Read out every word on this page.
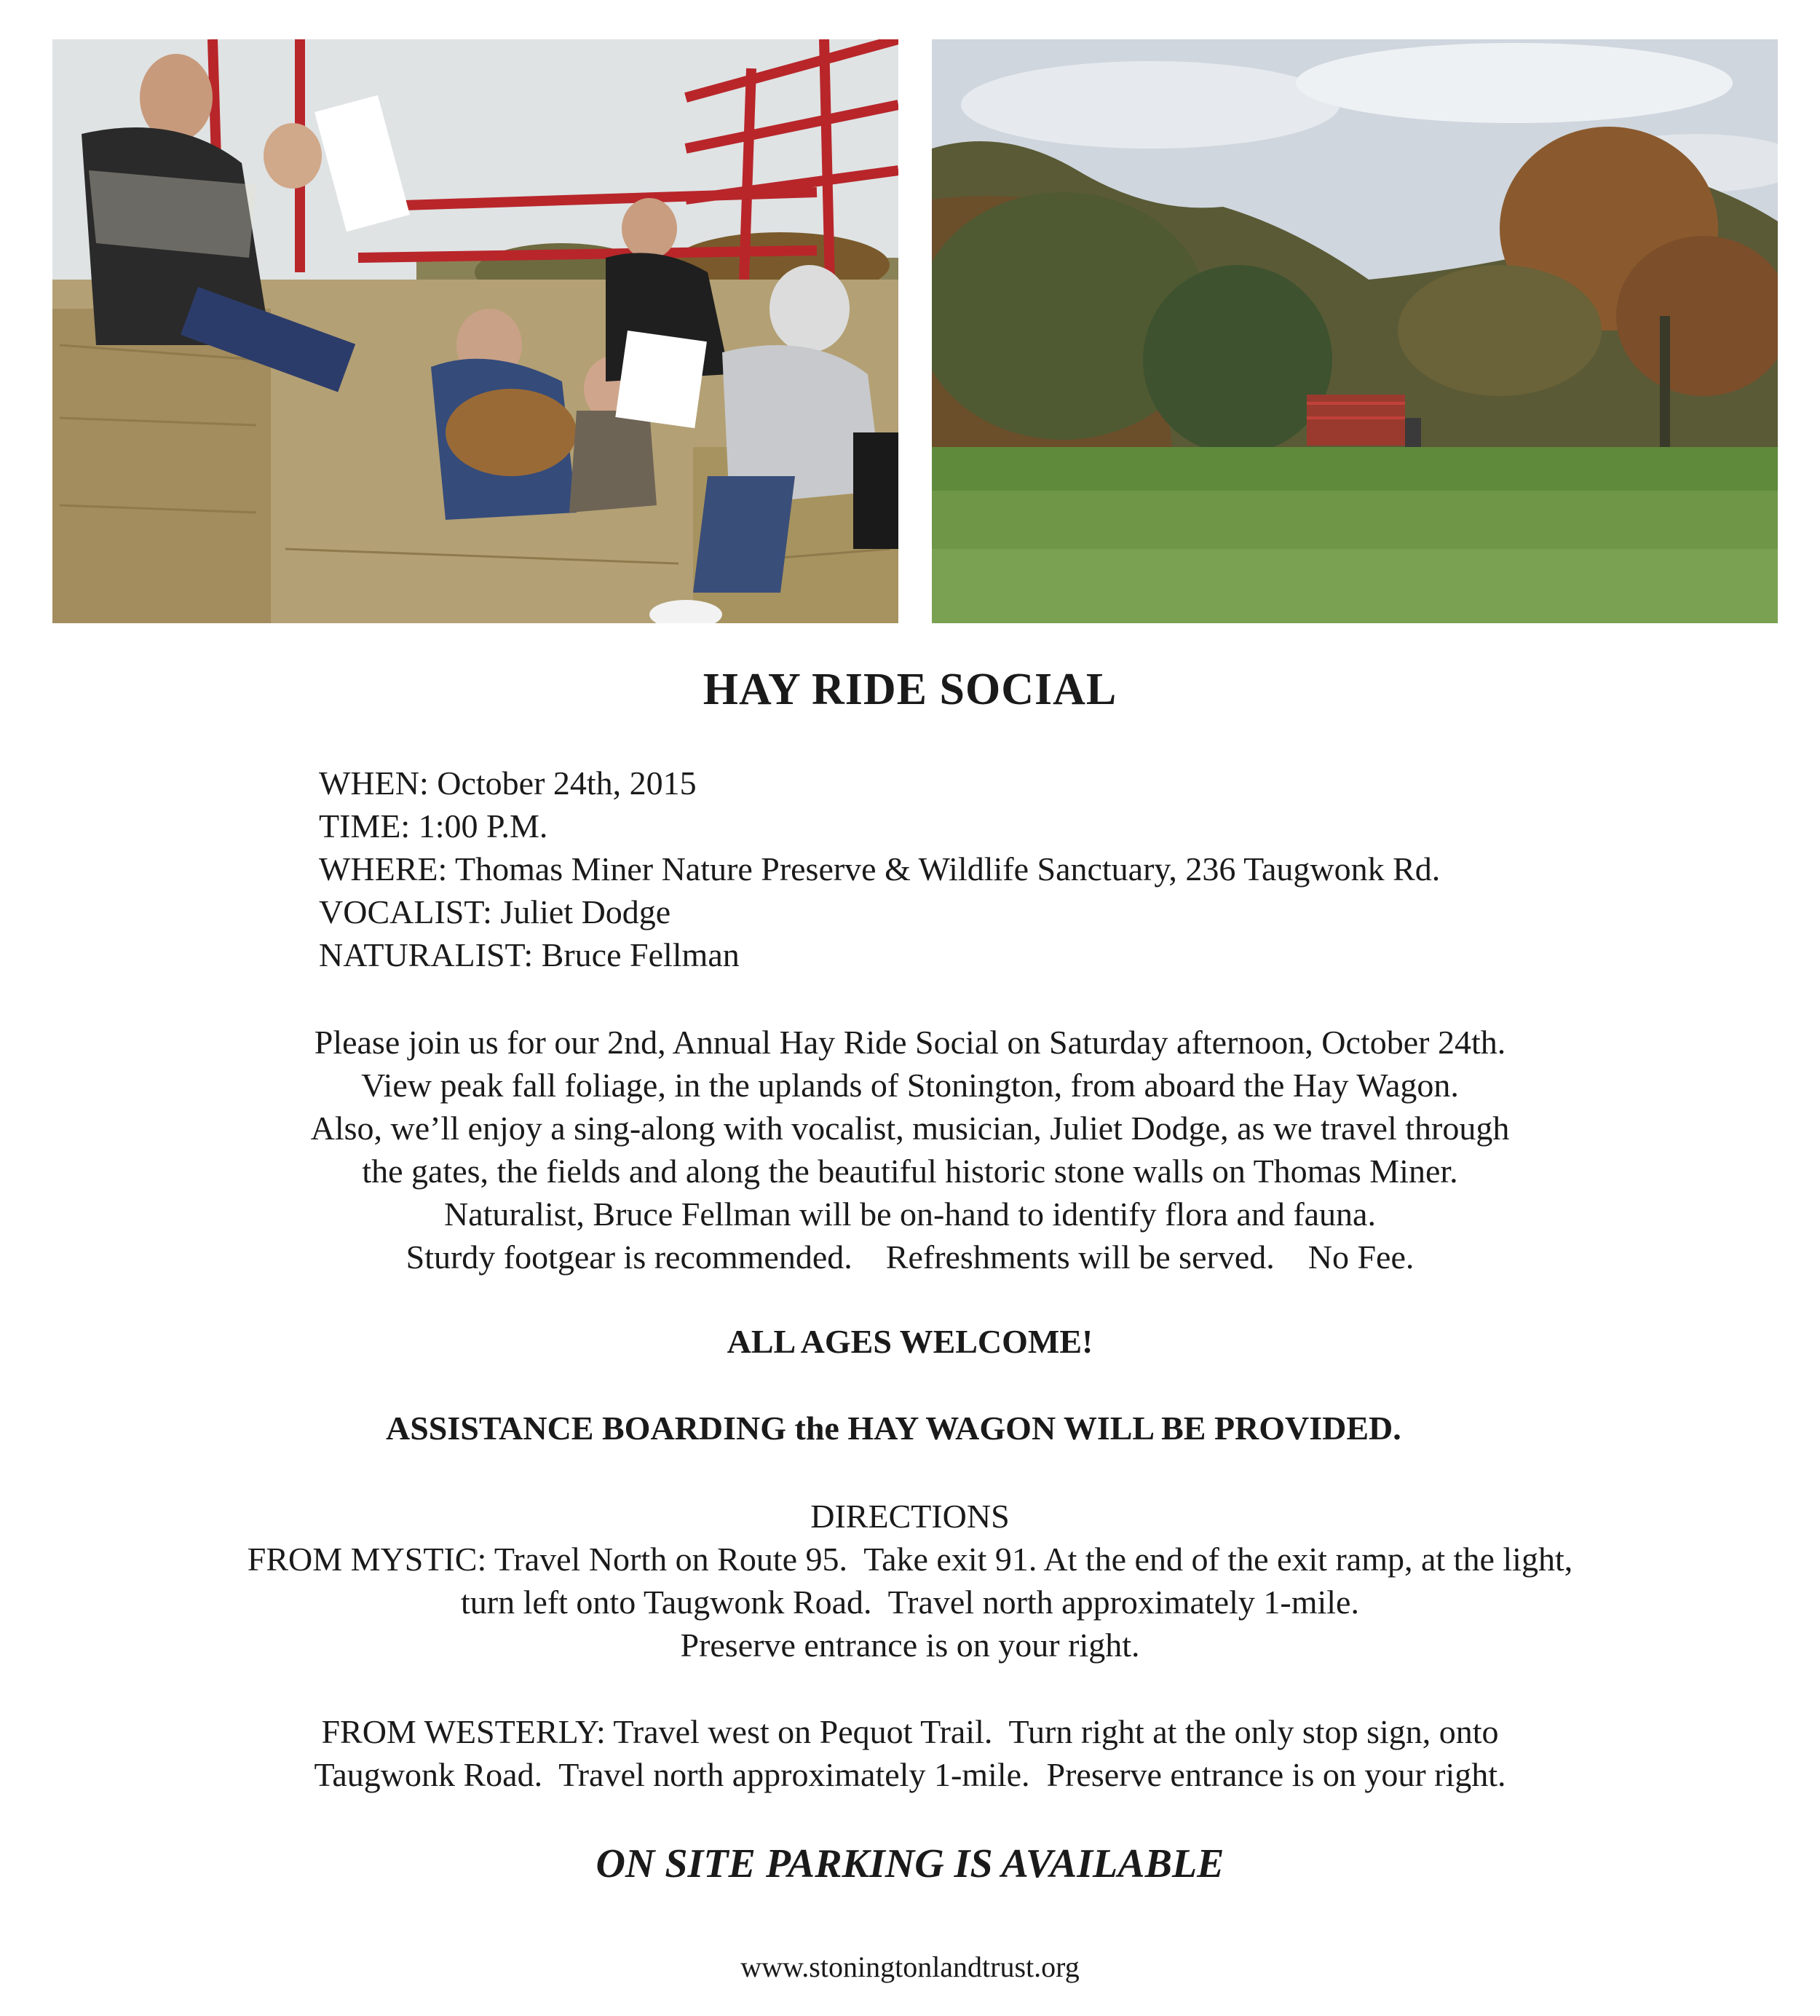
HAY RIDE SOCIAL
WHEN: October 24th, 2015
TIME: 1:00 P.M.
WHERE: Thomas Miner Nature Preserve & Wildlife Sanctuary, 236 Taugwonk Rd.
VOCALIST: Juliet Dodge
NATURALIST: Bruce Fellman
Please join us for our 2nd, Annual Hay Ride Social on Saturday afternoon, October 24th.
View peak fall foliage, in the uplands of Stonington, from aboard the Hay Wagon.
Also, we’ll enjoy a sing-along with vocalist, musician, Juliet Dodge, as we travel through
the gates, the fields and along the beautiful historic stone walls on Thomas Miner.
Naturalist, Bruce Fellman will be on-hand to identify flora and fauna.
Sturdy footgear is recommended.    Refreshments will be served.    No Fee.
ALL AGES WELCOME!
ASSISTANCE BOARDING the HAY WAGON WILL BE PROVIDED.
DIRECTIONS
FROM MYSTIC: Travel North on Route 95.  Take exit 91. At the end of the exit ramp, at the light,
turn left onto Taugwonk Road.  Travel north approximately 1-mile.
Preserve entrance is on your right.
FROM WESTERLY: Travel west on Pequot Trail.  Turn right at the only stop sign, onto
Taugwonk Road.  Travel north approximately 1-mile.  Preserve entrance is on your right.
ON SITE PARKING IS AVAILABLE
www.stoningtonlandtrust.org
